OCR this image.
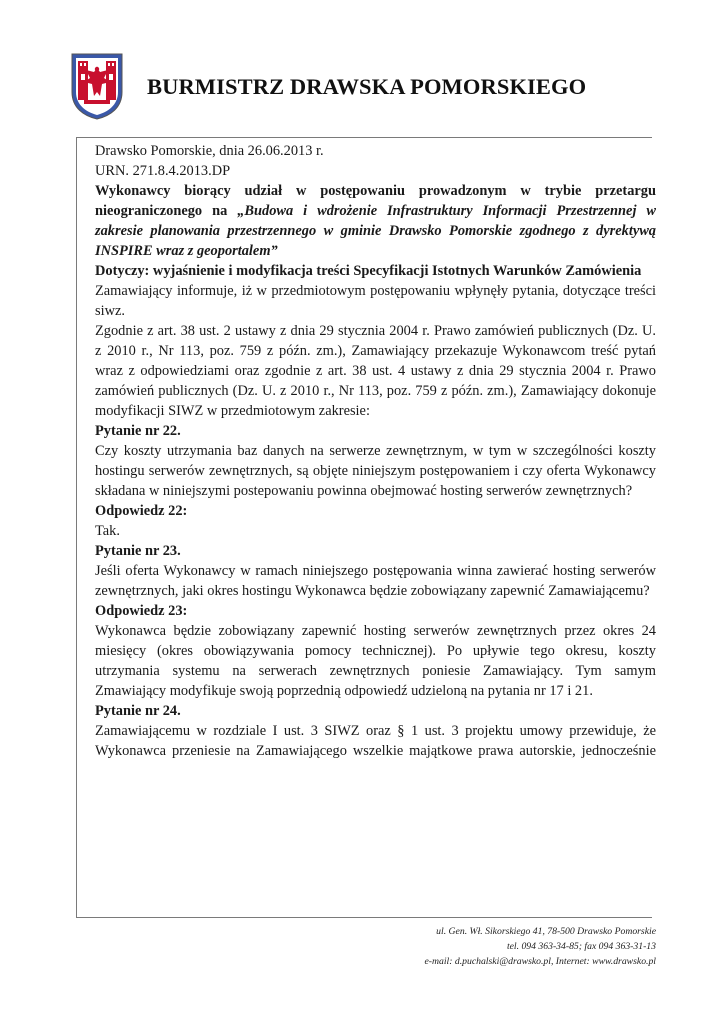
BURMISTRZ DRAWSKA POMORSKIEGO

Drawsko Pomorskie, dnia 26.06.2013 r.

URN. 271.8.4.2013.DP

Wykonawcy biorący udział w postępowaniu prowadzonym w trybie przetargu nieograniczonego na „Budowa i wdrożenie Infrastruktury Informacji Przestrzennej w zakresie planowania przestrzennego w gminie Drawsko Pomorskie zgodnego z dyrektywą INSPIRE wraz z geoportalem”

Dotyczy: wyjaśnienie i modyfikacja treści Specyfikacji Istotnych Warunków Zamówienia

Zamawiający informuje, iż w przedmiotowym postępowaniu wpłynęły pytania, dotyczące treści siwz.

Zgodnie z art. 38 ust. 2 ustawy z dnia 29 stycznia 2004 r. Prawo zamówień publicznych (Dz. U. z 2010 r., Nr 113, poz. 759 z późn. zm.), Zamawiający przekazuje Wykonawcom treść pytań wraz z odpowiedziami oraz zgodnie z art. 38 ust. 4 ustawy z dnia 29 stycznia 2004 r. Prawo zamówień publicznych (Dz. U. z 2010 r., Nr 113, poz. 759 z późn. zm.), Zamawiający dokonuje modyfikacji SIWZ w przedmiotowym zakresie:

Pytanie nr 22.

Czy koszty utrzymania baz danych na serwerze zewnętrznym, w tym w szczególności koszty hostingu serwerów zewnętrznych, są objęte niniejszym postępowaniem i czy oferta Wykonawcy składana w niniejszymi postepowaniu powinna obejmować hosting serwerów zewnętrznych?

Odpowiedz 22:

Tak.

Pytanie nr 23.

Jeśli oferta Wykonawcy w ramach niniejszego postępowania winna zawierać hosting serwerów zewnętrznych, jaki okres hostingu Wykonawca będzie zobowiązany zapewnić Zamawiającemu?

Odpowiedz 23:

Wykonawca będzie zobowiązany zapewnić hosting serwerów zewnętrznych przez okres 24 miesięcy (okres obowiązywania pomocy technicznej). Po upływie tego okresu, koszty utrzymania systemu na serwerach zewnętrznych poniesie Zamawiający. Tym samym Zmawiający modyfikuje swoją poprzednią odpowiedź udzieloną na pytania nr 17 i 21.

Pytanie nr 24.

Zamawiającemu w rozdziale I ust. 3 SIWZ oraz § 1 ust. 3 projektu umowy przewiduje, że Wykonawca przeniesie na Zamawiającego wszelkie majątkowe prawa autorskie, jednocześnie

ul. Gen. Wł. Sikorskiego 41, 78-500 Drawsko Pomorskie
tel. 094 363-34-85; fax 094 363-31-13
e-mail: d.puchalski@drawsko.pl, Internet: www.drawsko.pl
